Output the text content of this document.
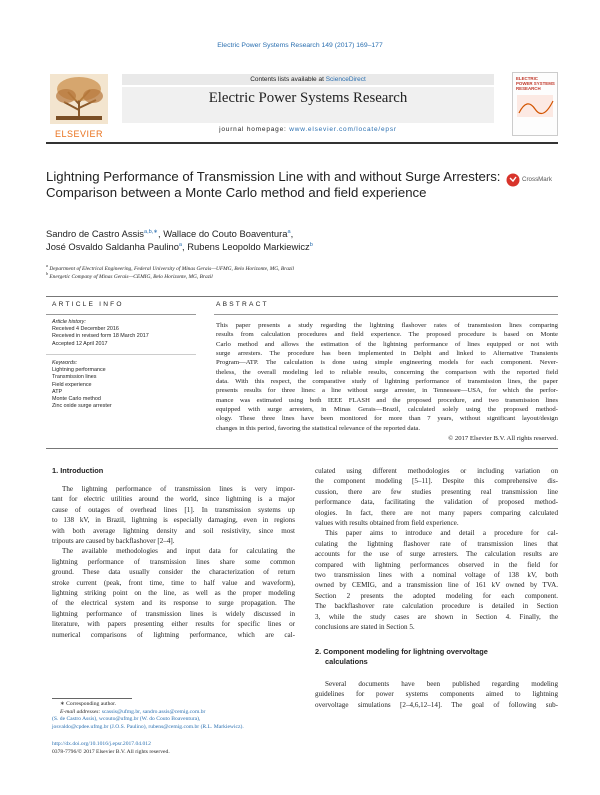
Electric Power Systems Research 149 (2017) 169–177
ELSEVIER
Contents lists available at ScienceDirect
Electric Power Systems Research
journal homepage: www.elsevier.com/locate/epsr
ELECTRIC POWER SYSTEMS RESEARCH
Lightning Performance of Transmission Line with and without Surge Arresters: Comparison between a Monte Carlo method and field experience
CrossMark
Sandro de Castro Assis$^{a,b,∗}$, Wallace do Couto Boaventura$^a$,
José Osvaldo Saldanha Paulino$^a$, Rubens Leopoldo Markiewicz$^b$
$^a$ Department of Electrical Engineering, Federal University of Minas Gerais—UFMG, Belo Horizonte, MG, Brazil
$^b$ Energetic Company of Minas Gerais—CEMIG, Belo Horizonte, MG, Brazil
ARTICLE INFO	ABSTRACT
Article history:
Received 4 December 2016
Received in revised form 18 March 2017
Accepted 12 April 2017
Keywords:
Lightning performance
Transmission lines
Field experience
ATP
Monte Carlo method
Zinc oxide surge arrester
This paper presents a study regarding the lightning flashover rates of transmission lines comparing
results from calculation procedures and field experience. The proposed procedure is based on Monte
Carlo method and allows the estimation of the lightning performance of lines equipped or not with
surge arresters. The procedure has been implemented in Delphi and linked to Alternative Transients
Program—ATP. The calculation is done using simple engineering models for each component. Never-
theless, the overall modeling led to reliable results, concerning the comparison with the reported field
data. With this respect, the comparative study of lightning performance of transmission lines, the paper
presents results for three lines: a line without surge arrester, in Tennessee—USA, for which the perfor-
mance was estimated using both IEEE FLASH and the proposed procedure, and two transmission lines
equipped with surge arresters, in Minas Gerais—Brazil, calculated solely using the proposed method-
ology. These three lines have been monitored for more than 7 years, without significant layout/design
changes in this period, favoring the statistical relevance of the reported data.
© 2017 Elsevier B.V. All rights reserved.
1. Introduction
The lightning performance of transmission lines is very impor-
tant for electric utilities around the world, since lightning is a major
cause of outages of overhead lines [1]. In transmission systems up
to 138 kV, in Brazil, lightning is especially damaging, even in regions
with both average lightning density and soil resistivity, since most
tripouts are caused by backflashover [2–4].
The available methodologies and input data for calculating the
lightning performance of transmission lines share some common
ground. These data usually consider the characterization of return
stroke current (peak, front time, time to half value and waveform),
lightning striking point on the line, as well as the proper modeling
of the electrical system and its response to surge propagation. The
lightning performance of transmission lines is widely discussed in
literature, with papers presenting either results for specific lines or
numerical comparisons of lightning performance, which are cal-
∗ Corresponding author.
E-mail addresses: scassis@ufmg.br, sandro.assis@cemig.com.br
(S. de Castro Assis), wcouto@ufmg.br (W. do Couto Boaventura),
josvaldo@cpdee.ufmg.br (J.O.S. Paulino), rubens@cemig.com.br (R.L. Markiewicz).
http://dx.doi.org/10.1016/j.epsr.2017.04.012
0378-7796/© 2017 Elsevier B.V. All rights reserved.
culated using different methodologies or including variation on
the component modeling [5–11]. Despite this comprehensive dis-
cussion, there are few studies presenting real transmission line
performance data, facilitating the validation of proposed method-
ologies. In fact, there are not many papers comparing calculated
values with results obtained from field experience.
This paper aims to introduce and detail a procedure for cal-
culating the lightning flashover rate of transmission lines that
accounts for the use of surge arresters. The calculation results are
compared with lightning performances observed in the field for
two transmission lines with a nominal voltage of 138 kV, both
owned by CEMIG, and a transmission line of 161 kV owned by TVA.
Section 2 presents the adopted modeling for each component.
The backflashover rate calculation procedure is detailed in Section
3, while the study cases are shown in Section 4. Finally, the
conclusions are stated in Section 5.
2. Component modeling for lightning overvoltage
calculations
Several documents have been published regarding modeling
guidelines for power systems components aimed to lightning
overvoltage simulations [2–4,6,12–14]. The goal of following sub-
